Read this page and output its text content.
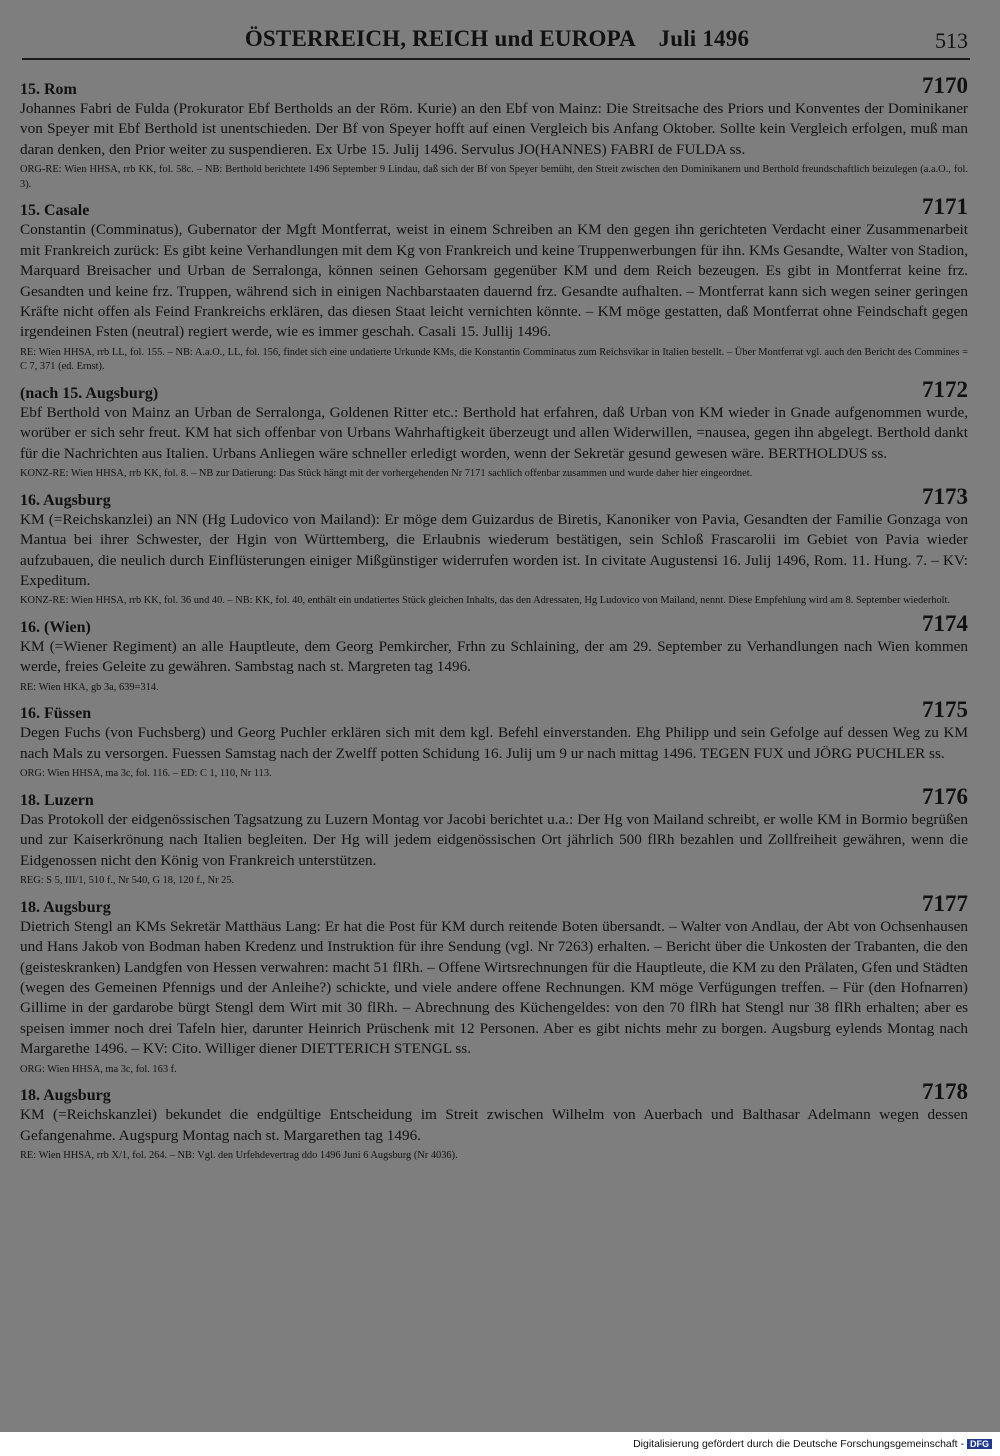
ÖSTERREICH, REICH und EUROPA    Juli 1496	513
15. Rom	7170
Johannes Fabri de Fulda (Prokurator Ebf Bertholds an der Röm. Kurie) an den Ebf von Mainz: Die Streitsache des Priors und Konventes der Dominikaner von Speyer mit Ebf Berthold ist unentschieden. Der Bf von Speyer hofft auf einen Vergleich bis Anfang Oktober. Sollte kein Vergleich erfolgen, muß man daran denken, den Prior weiter zu suspendieren. Ex Urbe 15. Julij 1496. Servulus JO(HANNES) FABRI de FULDA ss.
ORG-RE: Wien HHSA, rrb KK, fol. 58c. – NB: Berthold berichtete 1496 September 9 Lindau, daß sich der Bf von Speyer bemüht, den Streit zwischen den Dominikanern und Berthold freundschaftlich beizulegen (a.a.O., fol. 3).
15. Casale	7171
Constantin (Comminatus), Gubernator der Mgft Montferrat, weist in einem Schreiben an KM den gegen ihn gerichteten Verdacht einer Zusammenarbeit mit Frankreich zurück: Es gibt keine Verhandlungen mit dem Kg von Frankreich und keine Truppenwerbungen für ihn. KMs Gesandte, Walter von Stadion, Marquard Breisacher und Urban de Serralonga, können seinen Gehorsam gegenüber KM und dem Reich bezeugen. Es gibt in Montferrat keine frz. Gesandten und keine frz. Truppen, während sich in einigen Nachbarstaaten dauernd frz. Gesandte aufhalten. – Montferrat kann sich wegen seiner geringen Kräfte nicht offen als Feind Frankreichs erklären, das diesen Staat leicht vernichten könnte. – KM möge gestatten, daß Montferrat ohne Feindschaft gegen irgendeinen Fsten (neutral) regiert werde, wie es immer geschah. Casali 15. Jullij 1496.
RE: Wien HHSA, rrb LL, fol. 155. – NB: A.a.O., LL, fol. 156, findet sich eine undatierte Urkunde KMs, die Konstantin Comminatus zum Reichsvikar in Italien bestellt. – Über Montferrat vgl. auch den Bericht des Commines = C 7, 371 (ed. Ernst).
(nach 15. Augsburg)	7172
Ebf Berthold von Mainz an Urban de Serralonga, Goldenen Ritter etc.: Berthold hat erfahren, daß Urban von KM wieder in Gnade aufgenommen wurde, worüber er sich sehr freut. KM hat sich offenbar von Urbans Wahrhaftigkeit überzeugt und allen Widerwillen, =nausea, gegen ihn abgelegt. Berthold dankt für die Nachrichten aus Italien. Urbans Anliegen wäre schneller erledigt worden, wenn der Sekretär gesund gewesen wäre. BERTHOLDUS ss.
KONZ-RE: Wien HHSA, rrb KK, fol. 8. – NB zur Datierung: Das Stück hängt mit der vorhergehenden Nr 7171 sachlich offenbar zusammen und wurde daher hier eingeordnet.
16. Augsburg	7173
KM (=Reichskanzlei) an NN (Hg Ludovico von Mailand): Er möge dem Guizardus de Biretis, Kanoniker von Pavia, Gesandten der Familie Gonzaga von Mantua bei ihrer Schwester, der Hgin von Württemberg, die Erlaubnis wiederum bestätigen, sein Schloß Frascarolii im Gebiet von Pavia wieder aufzubauen, die neulich durch Einflüsterungen einiger Mißgünstiger widerrufen worden ist. In civitate Augustensi 16. Julij 1496, Rom. 11. Hung. 7. – KV: Expeditum.
KONZ-RE: Wien HHSA, rrb KK, fol. 36 und 40. – NB: KK, fol. 40, enthält ein undatiertes Stück gleichen Inhalts, das den Adressaten, Hg Ludovico von Mailand, nennt. Diese Empfehlung wird am 8. September wiederholt.
16. (Wien)	7174
KM (=Wiener Regiment) an alle Hauptleute, dem Georg Pemkircher, Frhn zu Schlaining, der am 29. September zu Verhandlungen nach Wien kommen werde, freies Geleite zu gewähren. Sambstag nach st. Margreten tag 1496.
RE: Wien HKA, gb 3a, 639=314.
16. Füssen	7175
Degen Fuchs (von Fuchsberg) und Georg Puchler erklären sich mit dem kgl. Befehl einverstanden. Ehg Philipp und sein Gefolge auf dessen Weg zu KM nach Mals zu versorgen. Fuessen Samstag nach der Zwelff potten Schidung 16. Julij um 9 ur nach mittag 1496. TEGEN FUX und JÖRG PUCHLER ss.
ORG: Wien HHSA, ma 3c, fol. 116. – ED: C 1, 110, Nr 113.
18. Luzern	7176
Das Protokoll der eidgenössischen Tagsatzung zu Luzern Montag vor Jacobi berichtet u.a.: Der Hg von Mailand schreibt, er wolle KM in Bormio begrüßen und zur Kaiserkrönung nach Italien begleiten. Der Hg will jedem eidgenössischen Ort jährlich 500 flRh bezahlen und Zollfreiheit gewähren, wenn die Eidgenossen nicht den König von Frankreich unterstützen.
REG: S 5, III/1, 510 f., Nr 540, G 18, 120 f., Nr 25.
18. Augsburg	7177
Dietrich Stengl an KMs Sekretär Matthäus Lang: Er hat die Post für KM durch reitende Boten übersandt. – Walter von Andlau, der Abt von Ochsenhausen und Hans Jakob von Bodman haben Kredenz und Instruktion für ihre Sendung (vgl. Nr 7263) erhalten. – Bericht über die Unkosten der Trabanten, die den (geisteskranken) Landgfen von Hessen verwahren: macht 51 flRh. – Offene Wirtsrechnungen für die Hauptleute, die KM zu den Prälaten, Gfen und Städten (wegen des Gemeinen Pfennigs und der Anleihe?) schickte, und viele andere offene Rechnungen. KM möge Verfügungen treffen. – Für (den Hofnarren) Gillime in der gardarobe bürgt Stengl dem Wirt mit 30 flRh. – Abrechnung des Küchengeldes: von den 70 flRh hat Stengl nur 38 flRh erhalten; aber es speisen immer noch drei Tafeln hier, darunter Heinrich Prüschenk mit 12 Personen. Aber es gibt nichts mehr zu borgen. Augsburg eylends Montag nach Margarethe 1496. – KV: Cito. Williger diener DIETTERICH STENGL ss.
ORG: Wien HHSA, ma 3c, fol. 163 f.
18. Augsburg	7178
KM (=Reichskanzlei) bekundet die endgültige Entscheidung im Streit zwischen Wilhelm von Auerbach und Balthasar Adelmann wegen dessen Gefangenahme. Augspurg Montag nach st. Margarethen tag 1496.
RE: Wien HHSA, rrb X/1, fol. 264. – NB: Vgl. den Urfehdevertrag ddo 1496 Juni 6 Augsburg (Nr 4036).
Digitalisierung gefördert durch die Deutsche Forschungsgemeinschaft - DFG
